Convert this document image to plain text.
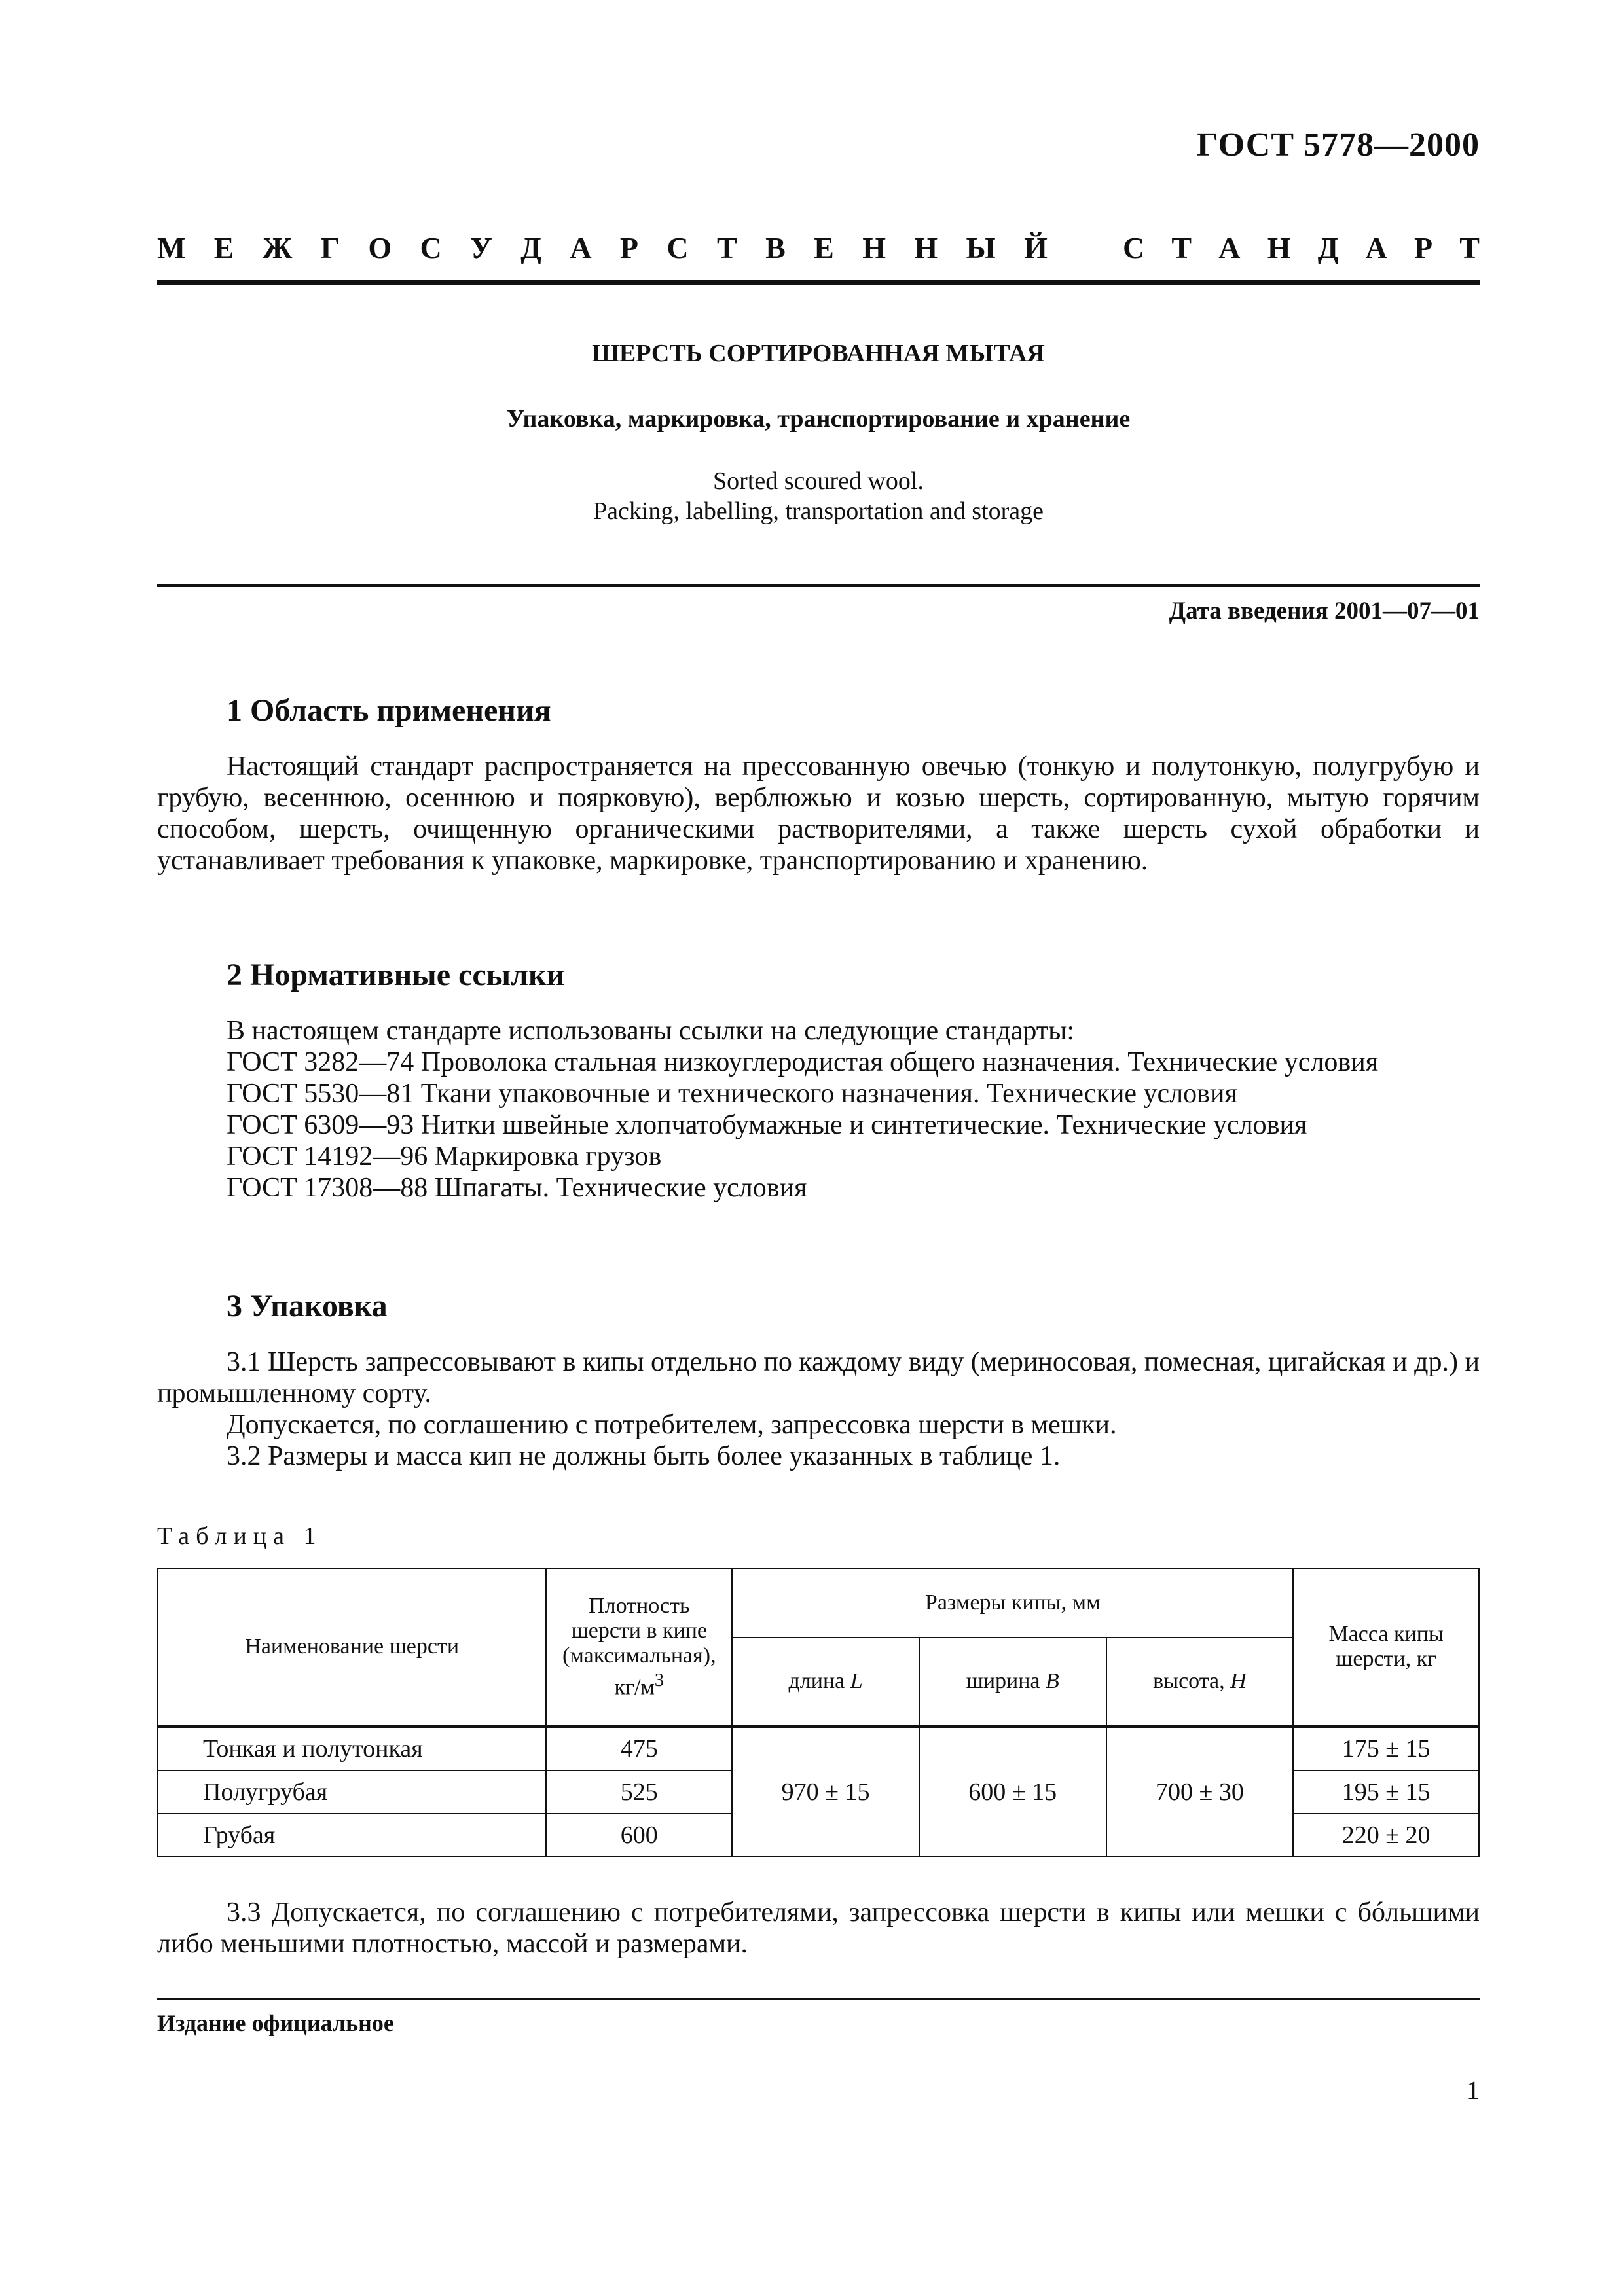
ГОСТ 5778—2000
М Е Ж Г О С У Д А Р С Т В Е Н Н Ы Й	С Т А Н Д А Р Т
ШЕРСТЬ СОРТИРОВАННАЯ МЫТАЯ
Упаковка, маркировка, транспортирование и хранение
Sorted scoured wool.
Packing, labelling, transportation and storage
Дата введения 2001—07—01
1 Область применения

Настоящий стандарт распространяется на прессованную овечью (тонкую и полутонкую, полугрубую и грубую, весеннюю, осеннюю и поярковую), верблюжью и козью шерсть, сортированную, мытую горячим способом, шерсть, очищенную органическими растворителями, а также шерсть сухой обработки и устанавливает требования к упаковке, маркировке, транспортированию и хранению.

2 Нормативные ссылки

В настоящем стандарте использованы ссылки на следующие стандарты:

ГОСТ 3282—74 Проволока стальная низкоуглеродистая общего назначения. Технические условия

ГОСТ 5530—81 Ткани упаковочные и технического назначения. Технические условия

ГОСТ 6309—93 Нитки швейные хлопчатобумажные и синтетические. Технические условия

ГОСТ 14192—96 Маркировка грузов

ГОСТ 17308—88 Шпагаты. Технические условия

3 Упаковка

3.1 Шерсть запрессовывают в кипы отдельно по каждому виду (мериносовая, помесная, цигайская и др.) и промышленному сорту.

Допускается, по соглашению с потребителем, запрессовка шерсти в мешки.

3.2 Размеры и масса кип не должны быть более указанных в таблице 1.

Таблица 1
Наименование шерсти	Плотность шерсти в кипе (максимальная), $кг/м^3$	Размеры кипы, мм			Масса кипы шерсти, кг
		длина L	ширина B	высота, H	
Тонкая и полутонкая	475	970 ± 15	600 ± 15	700 ± 30	175 ± 15
Полугрубая	525				195 ± 15
Грубая	600				220 ± 20

3.3 Допускается, по соглашению с потребителями, запрессовка шерсти в кипы или мешки с бóльшими либо меньшими плотностью, массой и размерами.

Издание официальное
1
